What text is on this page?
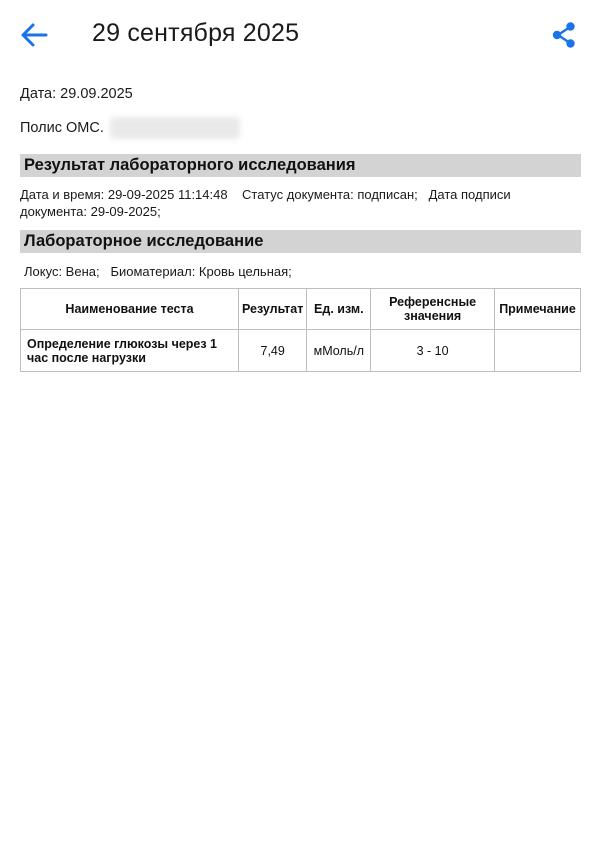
29 сентября 2025
Дата: 29.09.2025
Полис ОМС.
Результат лабораторного исследования
Дата и время: 29-09-2025 11:14:48 Статус документа: подписан; Дата подписи документа: 29-09-2025;
Лабораторное исследование
Локус: Вена; Биоматериал: Кровь цельная;
Наименование теста	Результат	Ед. изм.	Референсные значения	Примечание
Определение глюкозы через 1 час после нагрузки	7,49	мМоль/л	3 - 10	
